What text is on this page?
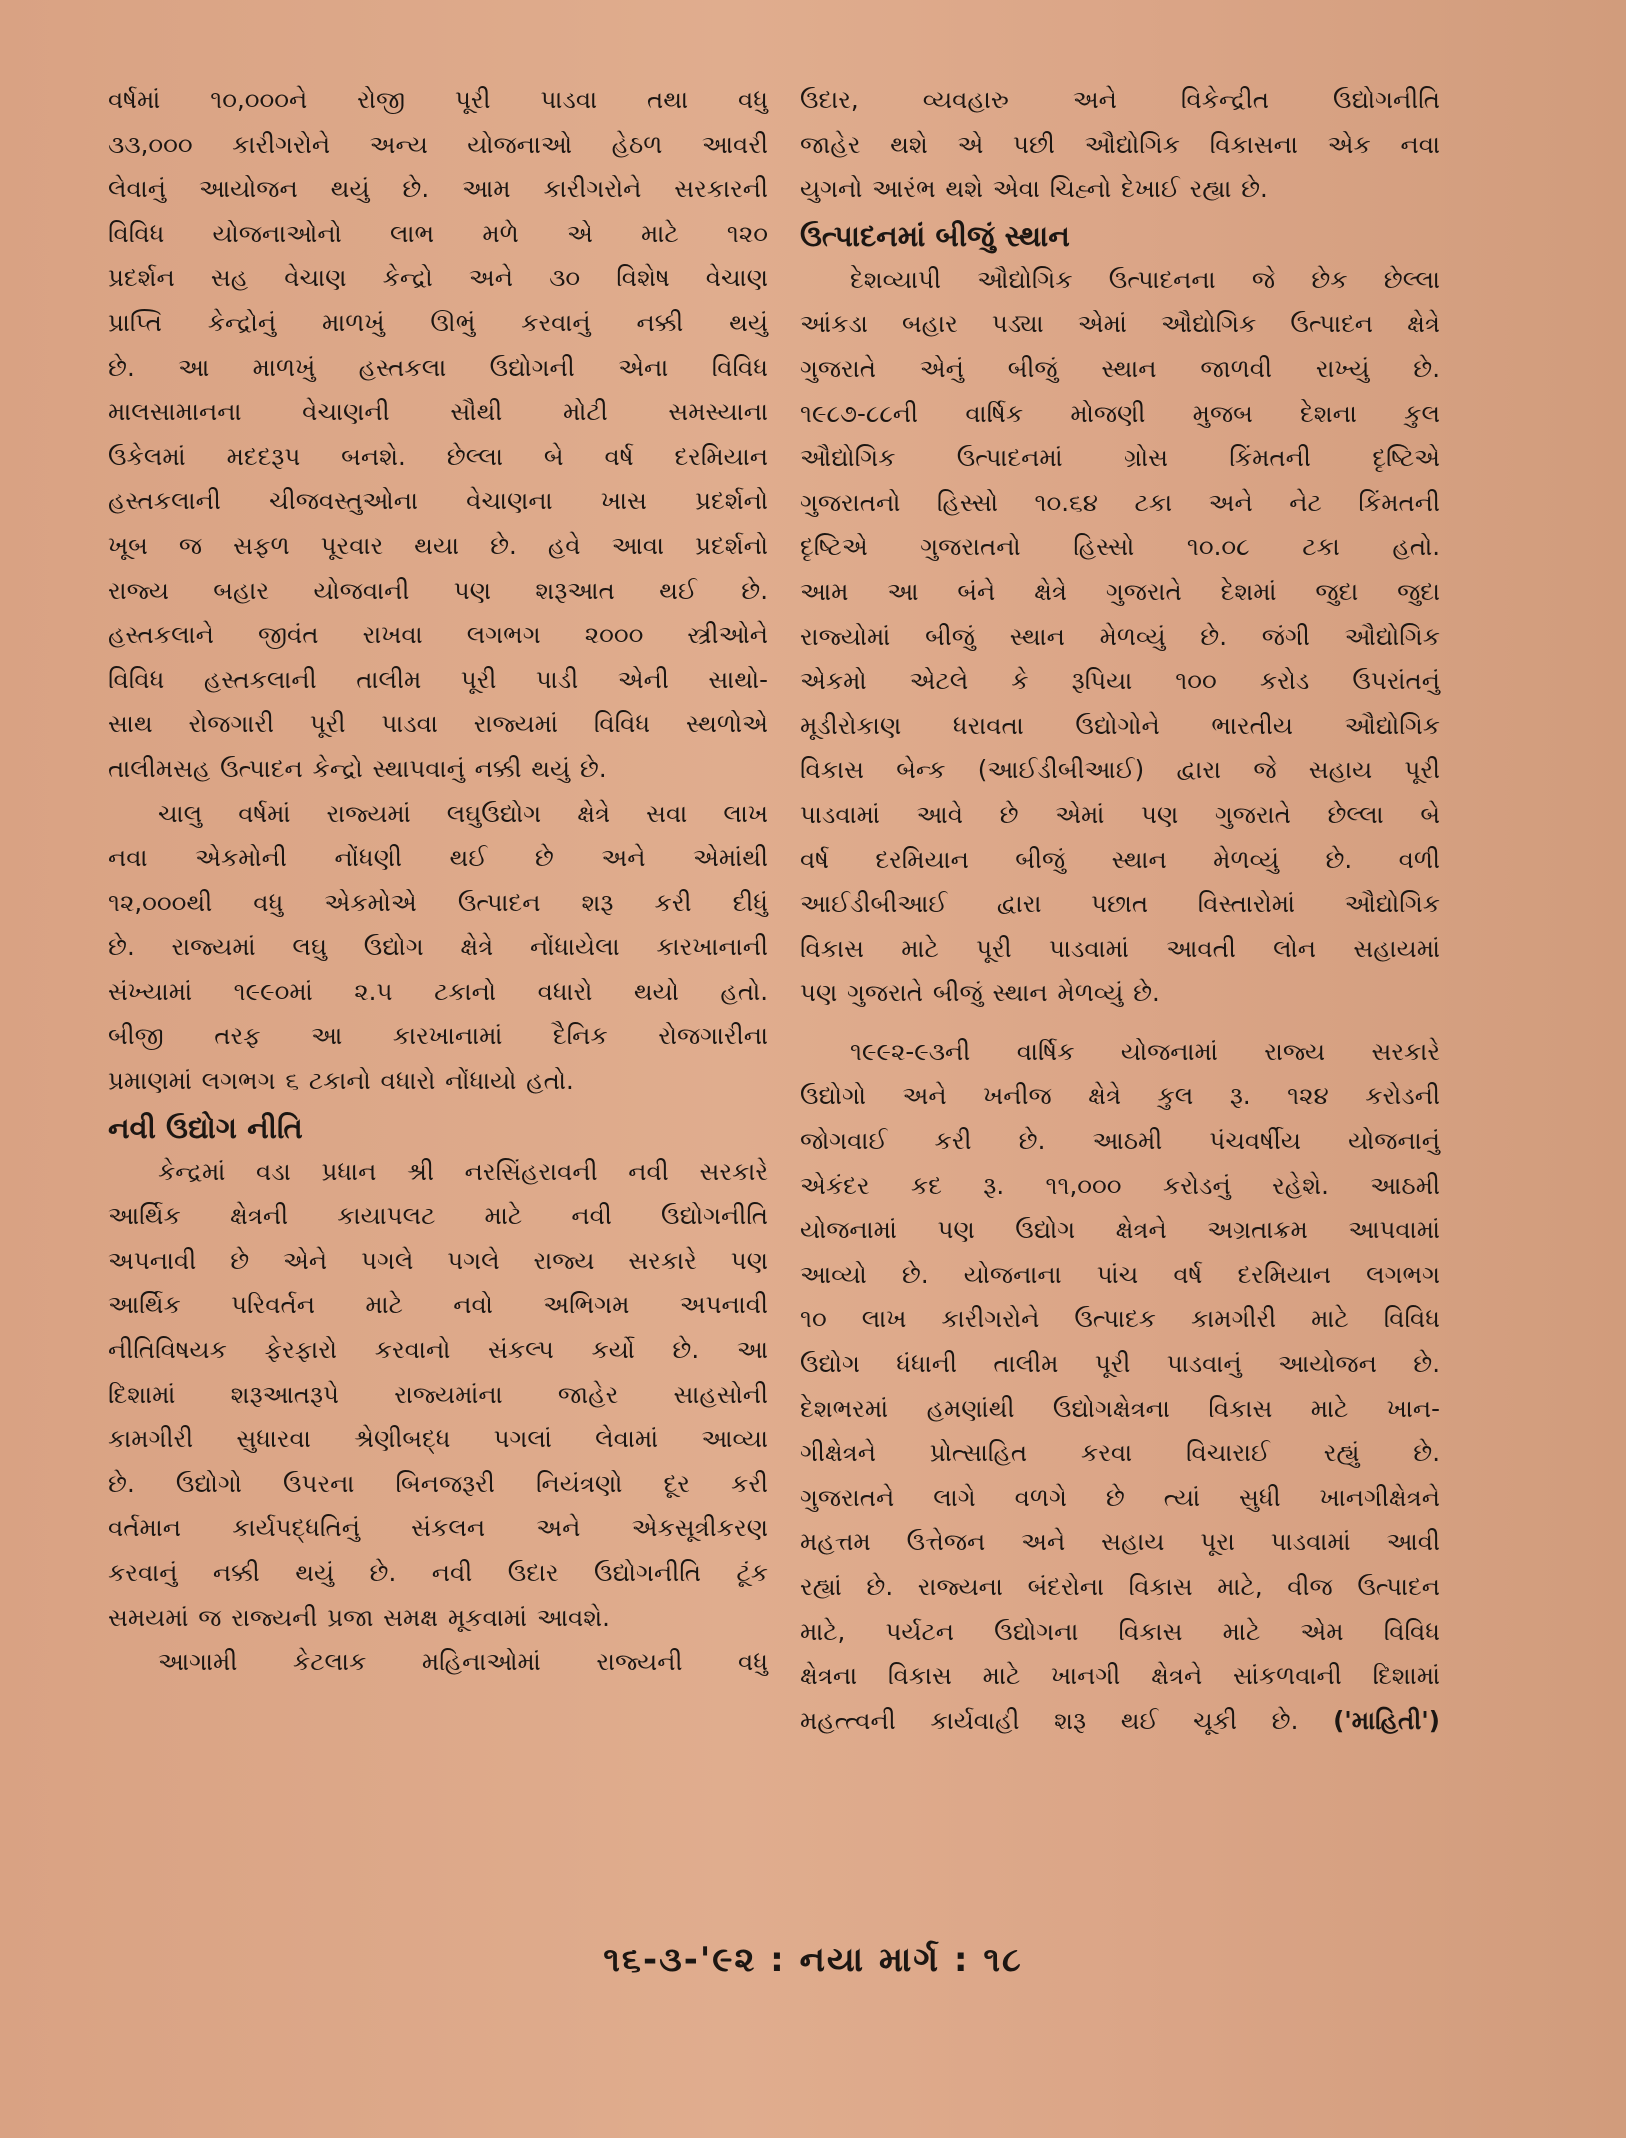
વર્ષમાં ૧૦,૦૦૦ને રોજી પૂરી પાડવા તથા વધુ

૩૩,૦૦૦ કારીગરોને અન્ય યોજનાઓ હેઠળ આવરી

લેવાનું આયોજન થયું છે. આમ કારીગરોને સરકારની

વિવિધ યોજનાઓનો લાભ મળે એ માટે ૧૨૦

પ્રદર્શન સહ વેચાણ કેન્દ્રો અને ૩૦ વિશેષ વેચાણ

પ્રાપ્તિ કેન્દ્રોનું માળખું ઊભું કરવાનું નક્કી થયું

છે. આ માળખું હસ્તકલા ઉદ્યોગની એના વિવિધ

માલસામાનના વેચાણની સૌથી મોટી સમસ્યાના

ઉકેલમાં મદદરૂપ બનશે. છેલ્લા બે વર્ષ દરમિયાન

હસ્તકલાની ચીજવસ્તુઓના વેચાણના ખાસ પ્રદર્શનો

ખૂબ જ સફળ પૂરવાર થયા છે. હવે આવા પ્રદર્શનો

રાજ્ય બહાર યોજવાની પણ શરૂઆત થઈ છે.

હસ્તકલાને જીવંત રાખવા લગભગ ૨૦૦૦ સ્ત્રીઓને

વિવિધ હસ્તકલાની તાલીમ પૂરી પાડી એની સાથો-

સાથ રોજગારી પૂરી પાડવા રાજ્યમાં વિવિધ સ્થળોએ

તાલીમસહ ઉત્પાદન કેન્દ્રો સ્થાપવાનું નક્કી થયું છે.

ચાલુ વર્ષમાં રાજ્યમાં લઘુઉદ્યોગ ક્ષેત્રે સવા લાખ

નવા એકમોની નોંધણી થઈ છે અને એમાંથી

૧૨,૦૦૦થી વધુ એકમોએ ઉત્પાદન શરૂ કરી દીધું

છે. રાજ્યમાં લઘુ ઉદ્યોગ ક્ષેત્રે નોંધાયેલા કારખાનાની

સંખ્યામાં ૧૯૯૦માં ૨.૫ ટકાનો વધારો થયો હતો.

બીજી તરફ આ કારખાનામાં દૈનિક રોજગારીના

પ્રમાણમાં લગભગ ૬ ટકાનો વધારો નોંધાયો હતો.

નવી ઉદ્યોગ નીતિ

કેન્દ્રમાં વડા પ્રધાન શ્રી નરસિંહરાવની નવી સરકારે

આર્થિક ક્ષેત્રની કાયાપલટ માટે નવી ઉદ્યોગનીતિ

અપનાવી છે એને પગલે પગલે રાજ્ય સરકારે પણ

આર્થિક પરિવર્તન માટે નવો અભિગમ અપનાવી

નીતિવિષયક ફેરફારો કરવાનો સંકલ્પ કર્યો છે. આ

દિશામાં શરૂઆતરૂપે રાજ્યમાંના જાહેર સાહસોની

કામગીરી સુધારવા શ્રેણીબદ્ધ પગલાં લેવામાં આવ્યા

છે. ઉદ્યોગો ઉપરના બિનજરૂરી નિયંત્રણો દૂર કરી

વર્તમાન કાર્યપદ્ધતિનું સંકલન અને એકસૂત્રીકરણ

કરવાનું નક્કી થયું છે. નવી ઉદાર ઉદ્યોગનીતિ ટૂંક

સમયમાં જ રાજ્યની પ્રજા સમક્ષ મૂકવામાં આવશે.

આગામી કેટલાક મહિનાઓમાં રાજ્યની વધુ

ઉદાર, વ્યવહારુ અને વિકેન્દ્રીત ઉદ્યોગનીતિ

જાહેર થશે એ પછી ઔદ્યોગિક વિકાસના એક નવા

યુગનો આરંભ થશે એવા ચિહ્નો દેખાઈ રહ્યા છે.

ઉત્પાદનમાં બીજું સ્થાન

દેશવ્યાપી ઔદ્યોગિક ઉત્પાદનના જે છેક છેલ્લા

આંકડા બહાર પડ્યા એમાં ઔદ્યોગિક ઉત્પાદન ક્ષેત્રે

ગુજરાતે એનું બીજું સ્થાન જાળવી રાખ્યું છે.

૧૯૮૭-૮૮ની વાર્ષિક મોજણી મુજબ દેશના કુલ

ઔદ્યોગિક ઉત્પાદનમાં ગ્રોસ કિંમતની દૃષ્ટિએ

ગુજરાતનો હિસ્સો ૧૦.૬૪ ટકા અને નેટ કિંમતની

દૃષ્ટિએ ગુજરાતનો હિસ્સો ૧૦.૦૮ ટકા હતો.

આમ આ બંને ક્ષેત્રે ગુજરાતે દેશમાં જુદા જુદા

રાજ્યોમાં બીજું સ્થાન મેળવ્યું છે. જંગી ઔદ્યોગિક

એકમો એટલે કે રૂપિયા ૧૦૦ કરોડ ઉપરાંતનું

મૂડીરોકાણ ધરાવતા ઉદ્યોગોને ભારતીય ઔદ્યોગિક

વિકાસ બેન્ક (આઈડીબીઆઈ) દ્વારા જે સહાય પૂરી

પાડવામાં આવે છે એમાં પણ ગુજરાતે છેલ્લા બે

વર્ષ દરમિયાન બીજું સ્થાન મેળવ્યું છે. વળી

આઈડીબીઆઈ દ્વારા પછાત વિસ્તારોમાં ઔદ્યોગિક

વિકાસ માટે પૂરી પાડવામાં આવતી લોન સહાયમાં

પણ ગુજરાતે બીજું સ્થાન મેળવ્યું છે.

૧૯૯૨-૯૩ની વાર્ષિક યોજનામાં રાજ્ય સરકારે

ઉદ્યોગો અને ખનીજ ક્ષેત્રે કુલ રૂ. ૧૨૪ કરોડની

જોગવાઈ કરી છે. આઠમી પંચવર્ષીય યોજનાનું

એકંદર કદ રૂ. ૧૧,૦૦૦ કરોડનું રહેશે. આઠમી

યોજનામાં પણ ઉદ્યોગ ક્ષેત્રને અગ્રતાક્રમ આપવામાં

આવ્યો છે. યોજનાના પાંચ વર્ષ દરમિયાન લગભગ

૧૦ લાખ કારીગરોને ઉત્પાદક કામગીરી માટે વિવિધ

ઉદ્યોગ ધંધાની તાલીમ પૂરી પાડવાનું આયોજન છે.

દેશભરમાં હમણાંથી ઉદ્યોગક્ષેત્રના વિકાસ માટે ખાન-

ગીક્ષેત્રને પ્રોત્સાહિત કરવા વિચારાઈ રહ્યું છે.

ગુજરાતને લાગે વળગે છે ત્યાં સુધી ખાનગીક્ષેત્રને

મહત્તમ ઉત્તેજન અને સહાય પૂરા પાડવામાં આવી

રહ્યાં છે. રાજ્યના બંદરોના વિકાસ માટે, વીજ ઉત્પાદન

માટે, પર્યટન ઉદ્યોગના વિકાસ માટે એમ વિવિધ

ક્ષેત્રના વિકાસ માટે ખાનગી ક્ષેત્રને સાંકળવાની દિશામાં

મહત્ત્વની કાર્યવાહી શરૂ થઈ ચૂકી છે. ('માહિતી')

૧૬-૩-'૯૨ : નયા માર્ગ : ૧૮
